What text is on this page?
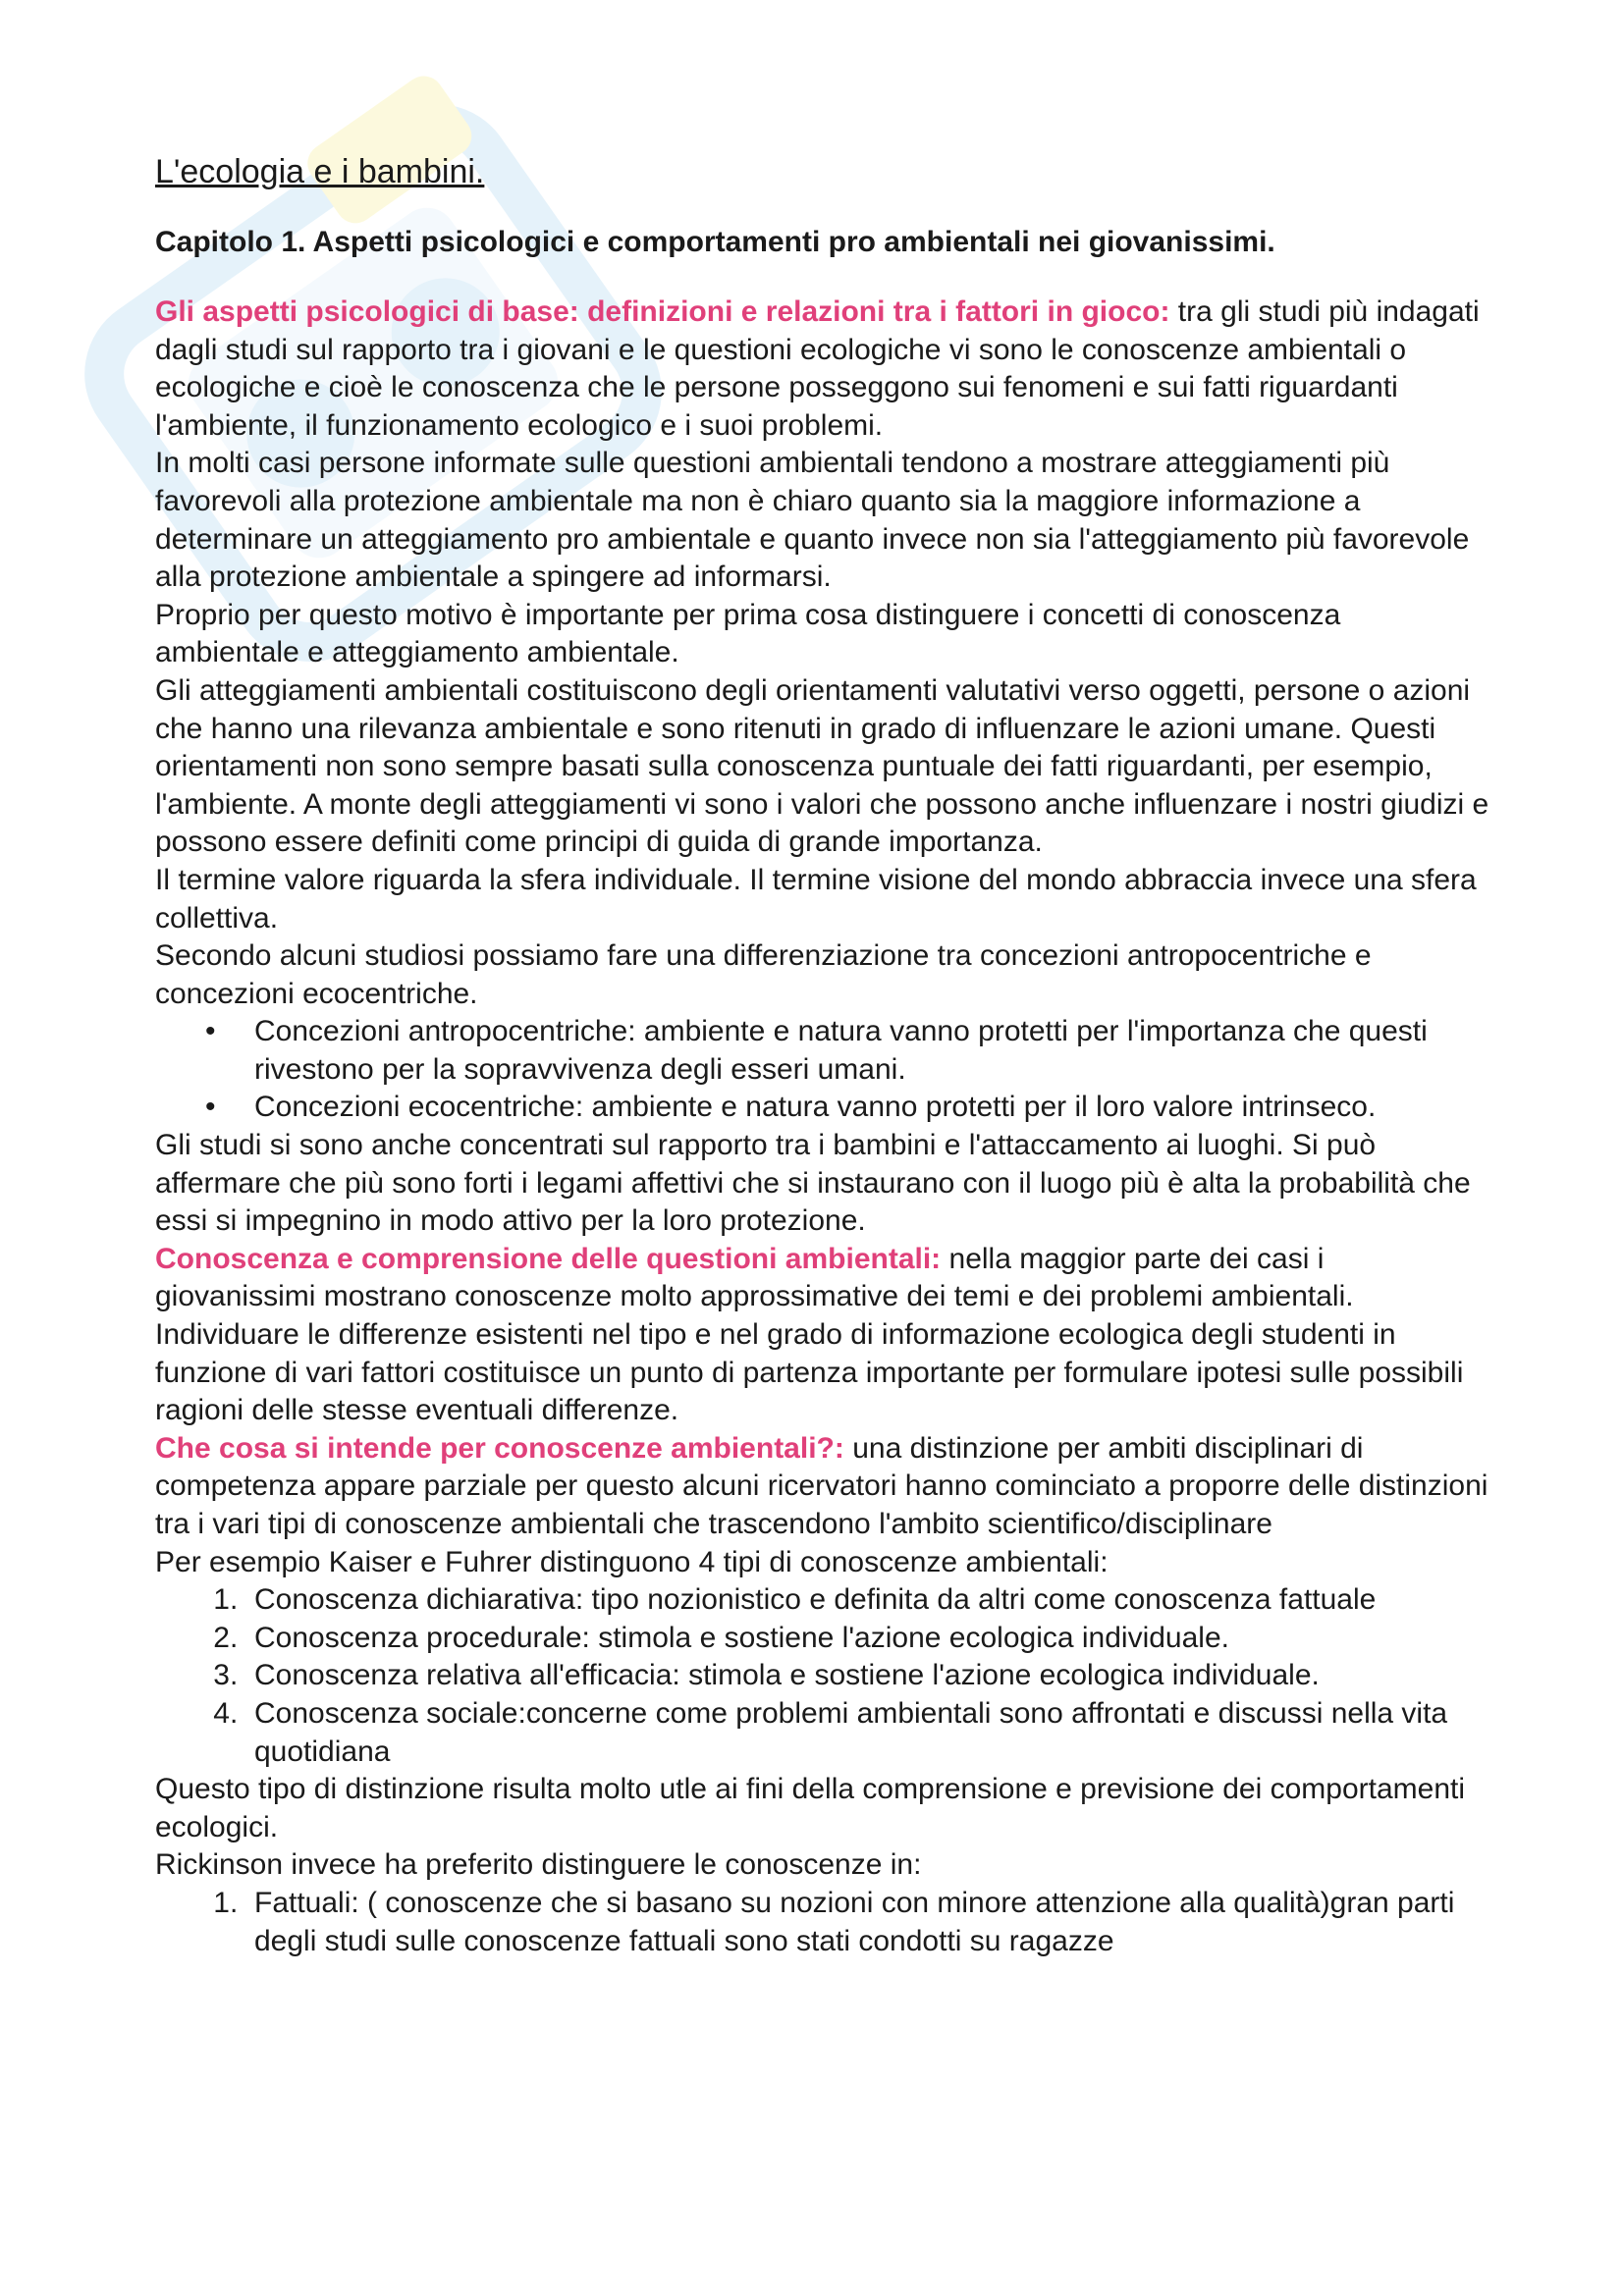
L'ecologia e i bambini.
Capitolo 1. Aspetti psicologici e comportamenti pro ambientali nei giovanissimi.

Gli aspetti psicologici di base: definizioni e relazioni tra i fattori in gioco: tra gli studi più indagati dagli studi sul rapporto tra i giovani e le questioni ecologiche vi sono le conoscenze ambientali o ecologiche e cioè le conoscenza che le persone posseggono sui fenomeni e sui fatti riguardanti l'ambiente, il funzionamento ecologico e i suoi problemi.

In molti casi persone informate sulle questioni ambientali tendono a mostrare atteggiamenti più favorevoli alla protezione ambientale ma non è chiaro quanto sia la maggiore informazione a determinare un atteggiamento pro ambientale e quanto invece non sia l'atteggiamento più favorevole alla protezione ambientale a spingere ad informarsi.

Proprio per questo motivo è importante per prima cosa distinguere i concetti di conoscenza ambientale e atteggiamento ambientale.

Gli atteggiamenti ambientali costituiscono degli orientamenti valutativi verso oggetti, persone o azioni che hanno una rilevanza ambientale e sono ritenuti in grado di influenzare le azioni umane. Questi orientamenti non sono sempre basati sulla conoscenza puntuale dei fatti riguardanti, per esempio, l'ambiente. A monte degli atteggiamenti vi sono i valori che possono anche influenzare i nostri giudizi e possono essere definiti come principi di guida di grande importanza.

Il termine valore riguarda la sfera individuale. Il termine visione del mondo abbraccia invece una sfera collettiva.

Secondo alcuni studiosi possiamo fare una differenziazione tra concezioni antropocentriche e concezioni ecocentriche.

• Concezioni antropocentriche: ambiente e natura vanno protetti per l'importanza che questi rivestono per la sopravvivenza degli esseri umani.
• Concezioni ecocentriche: ambiente e natura vanno protetti per il loro valore intrinseco.

Gli studi si sono anche concentrati sul rapporto tra i bambini e l'attaccamento ai luoghi. Si può affermare che più sono forti i legami affettivi che si instaurano con il luogo più è alta la probabilità che essi si impegnino in modo attivo per la loro protezione.

Conoscenza e comprensione delle questioni ambientali: nella maggior parte dei casi i giovanissimi mostrano conoscenze molto approssimative dei temi e dei problemi ambientali. Individuare le differenze esistenti nel tipo e nel grado di informazione ecologica degli studenti in funzione di vari fattori costituisce un punto di partenza importante per formulare ipotesi sulle possibili ragioni delle stesse eventuali differenze.

Che cosa si intende per conoscenze ambientali?: una distinzione per ambiti disciplinari di competenza appare parziale per questo alcuni ricervatori hanno cominciato a proporre delle distinzioni tra i vari tipi di conoscenze ambientali che trascendono l'ambito scientifico/disciplinare

Per esempio Kaiser e Fuhrer distinguono 4 tipi di conoscenze ambientali:

1. Conoscenza dichiarativa: tipo nozionistico e definita da altri come conoscenza fattuale
2. Conoscenza procedurale: stimola e sostiene l'azione ecologica individuale.
3. Conoscenza relativa all'efficacia: stimola e sostiene l'azione ecologica individuale.
4. Conoscenza sociale:concerne come problemi ambientali sono affrontati e discussi nella vita quotidiana

Questo tipo di distinzione risulta molto utle ai fini della comprensione e previsione dei comportamenti ecologici.

Rickinson invece ha preferito distinguere le conoscenze in:

1. Fattuali: ( conoscenze che si basano su nozioni con minore attenzione alla qualità)gran parti degli studi sulle conoscenze fattuali sono stati condotti su ragazze
